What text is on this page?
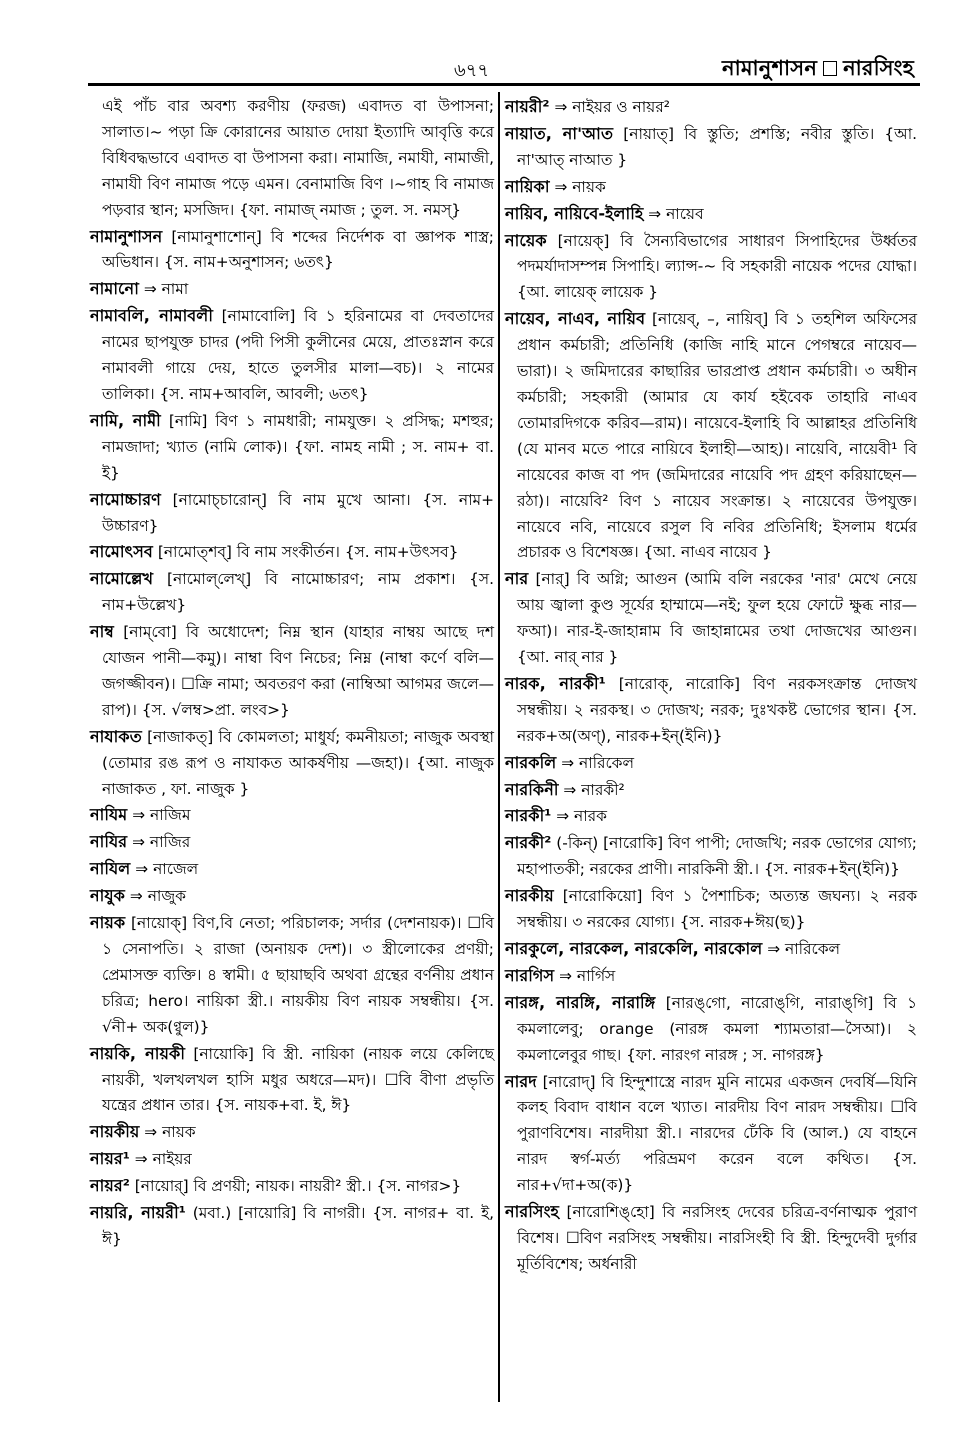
৬৭৭	নামানুশাসন নারসিংহ

এই পাঁচ বার অবশ্য করণীয় (ফরজ) এবাদত বা উপাসনা; সালাত।~ পড়া ক্রি কোরানের আয়াত দোয়া ইত্যাদি আবৃত্তি করে বিধিবদ্ধভাবে এবাদত বা উপাসনা করা। নামাজি, নমাযী, নামাজী, নামাযী বিণ নামাজ পড়ে এমন। বেনামাজি বিণ ।~গাহ বি নামাজ পড়বার স্থান; মসজিদ। {ফা. নামাজ্ নমাজ ; তুল. স. নমস্}

নামানুশাসন [নামানুশাশোন্] বি শব্দের নির্দেশক বা জ্ঞাপক শাস্ত্র; অভিধান। {স. নাম+অনুশাসন; ৬তৎ}

নামানো ⇒ নামা

নামাবলি, নামাবলী [নামাবোলি] বি ১ হরিনামের বা দেবতাদের নামের ছাপযুক্ত চাদর (পদী পিসী কুলীনের মেয়ে, প্রাতঃস্নান করে নামাবলী গায়ে দেয়, হাতে তুলসীর মালা—বচ)। ২ নামের তালিকা। {স. নাম+আবলি, আবলী; ৬তৎ}

নামি, নামী [নামি] বিণ ১ নামধারী; নামযুক্ত। ২ প্রসিদ্ধ; মশহুর; নামজাদা; খ্যাত (নামি লোক)। {ফা. নামহ নামী ; স. নাম+ বা. ই}

নামোচ্চারণ [নামোচ্‌চারোন্] বি নাম মুখে আনা। {স. নাম+ উচ্চারণ}

নামোৎসব [নামোত্‌শব্] বি নাম সংকীর্তন। {স. নাম+উৎসব}

নামোল্লেখ [নামোল্‌লেখ্] বি নামোচ্চারণ; নাম প্রকাশ। {স. নাম+উল্লেখ}

নাম্ব [নাম্‌বো] বি অধোদেশ; নিম্ন স্থান (যাহার নাম্বয় আছে দশ যোজন পানী—কমু)। নাম্বা বিণ নিচের; নিম্ন (নাম্বা কর্ণে বলি—জগজ্জীবন)। ☐ক্রি নামা; অবতরণ করা (নাম্বিআ আগমর জলে—রাপ)। {স. √লম্ব>প্রা. লংব>}

নাযাকত [নাজাকত্] বি কোমলতা; মাধুর্য; কমনীয়তা; নাজুক অবস্থা (তোমার রঙ রূপ ও নাযাকত আকর্ষণীয় —জহা)। {আ. নাজুক নাজাকত , ফা. নাজুক }

নাযিম ⇒ নাজিম

নাযির ⇒ নাজির

নাযিল ⇒ নাজেল

নাযুক ⇒ নাজুক

নায়ক [নায়োক্] বিণ,বি নেতা; পরিচালক; সর্দার (দেশনায়ক)। ☐বি ১ সেনাপতি। ২ রাজা (অনায়ক দেশ)। ৩ স্ত্রীলোকের প্রণয়ী; প্রেমাসক্ত ব্যক্তি। ৪ স্বামী। ৫ ছায়াছবি অথবা গ্রন্থের বর্ণনীয় প্রধান চরিত্র; hero। নায়িকা স্ত্রী.। নায়কীয় বিণ নায়ক সম্বন্ধীয়। {স. √নী+ অক(ণ্বুল)}

নায়কি, নায়কী [নায়োকি] বি স্ত্রী. নায়িকা (নায়ক লয়ে কেলিছে নায়কী, খলখলখল হাসি মধুর অধরে—মদ)। ☐বি বীণা প্রভৃতি যন্ত্রের প্রধান তার। {স. নায়ক+বা. ই, ঈ}

নায়কীয় ⇒ নায়ক

নায়র¹ ⇒ নাইয়র

নায়র² [নায়োর্] বি প্রণয়ী; নায়ক। নায়রী² স্ত্রী.। {স. নাগর>}

নায়রি, নায়রী¹ (মবা.) [নায়োরি] বি নাগরী। {স. নাগর+ বা. ই, ঈ}

নায়রী² ⇒ নাইয়র ও নায়র²

নায়াত, না'আত [নায়াত্] বি স্তুতি; প্রশস্তি; নবীর স্তুতি। {আ. না'আত্ নাআত }

নায়িকা ⇒ নায়ক

নায়িব, নায়িবে-ইলাহি ⇒ নায়েব

নায়েক [নায়েক্] বি সৈন্যবিভাগের সাধারণ সিপাহিদের উর্ধ্বতর পদমর্যাদাসম্পন্ন সিপাহি। ল্যান্স-~ বি সহকারী নায়েক পদের যোদ্ধা। {আ. লায়েক্ লায়েক }

নায়েব, নাএব, নায়িব [নায়েব্, –, নায়িব্] বি ১ তহশিল অফিসের প্রধান কর্মচারী; প্রতিনিধি (কাজি নাহি মানে পেগম্বরে নায়েব—ভারা)। ২ জমিদারের কাছারির ভারপ্রাপ্ত প্রধান কর্মচারী। ৩ অধীন কর্মচারী; সহকারী (আমার যে কার্য হইবেক তাহারি নাএব তোমারদিগকে করিব—রাম)। নায়েবে-ইলাহি বি আল্লাহর প্রতিনিধি (যে মানব মতে পারে নায়িবে ইলাহী—আহ)। নায়েবি, নায়েবী¹ বি নায়েবের কাজ বা পদ (জমিদারের নায়েবি পদ গ্রহণ করিয়াছেন—রঠা)। নায়েবি² বিণ ১ নায়েব সংক্রান্ত। ২ নায়েবের উপযুক্ত। নায়েবে নবি, নায়েবে রসুল বি নবির প্রতিনিধি; ইসলাম ধর্মের প্রচারক ও বিশেষজ্ঞ। {আ. নাএব নায়েব }

নার [নার্] বি অগ্নি; আগুন (আমি বলি নরকের 'নার' মেখে নেয়ে আয় জ্বালা কুণ্ড সূর্যের হাম্মামে—নই; ফুল হয়ে ফোটে ক্ষুব্ধ নার—ফআ)। নার-ই-জাহান্নাম বি জাহান্নামের তথা দোজখের আগুন। {আ. নার্ নার }

নারক, নারকী¹ [নারোক্, নারোকি] বিণ নরকসংক্রান্ত দোজখ সম্বন্ধীয়। ২ নরকস্থ। ৩ দোজখ; নরক; দুঃখকষ্ট ভোগের স্থান। {স. নরক+অ(অণ্), নারক+ইন্(ইনি)}

নারকলি ⇒ নারিকেল

নারকিনী ⇒ নারকী²

নারকী¹ ⇒ নারক

নারকী² (-কিন্) [নারোকি] বিণ পাপী; দোজখি; নরক ভোগের যোগ্য; মহাপাতকী; নরকের প্রাণী। নারকিনী স্ত্রী.। {স. নারক+ইন্(ইনি)}

নারকীয় [নারোকিয়ো] বিণ ১ পৈশাচিক; অত্যন্ত জঘন্য। ২ নরক সম্বন্ধীয়। ৩ নরকের যোগ্য। {স. নারক+ঈয়(ছ)}

নারকুলে, নারকেল, নারকেলি, নারকোল ⇒ নারিকেল

নারগিস ⇒ নার্গিস

নারঙ্গ, নারঙ্গি, নারাঙ্গি [নারঙ্‌গো, নারোঙ্‌গি, নারাঙ্‌গি] বি ১ কমলালেবু; orange (নারঙ্গ কমলা শ্যামতারা—সৈআ)। ২ কমলালেবুর গাছ। {ফা. নারংগ নারঙ্গ ; স. নাগরঙ্গ}

নারদ [নারোদ্] বি হিন্দুশাস্ত্রে নারদ মুনি নামের একজন দেবর্ষি—যিনি কলহ বিবাদ বাধান বলে খ্যাত। নারদীয় বিণ নারদ সম্বন্ধীয়। ☐বি পুরাণবিশেষ। নারদীয়া স্ত্রী.। নারদের ঢেঁকি বি (আল.) যে বাহনে নারদ স্বর্গ-মর্ত্য পরিভ্রমণ করেন বলে কথিত। {স. নার+√দা+অ(ক)}

নারসিংহ [নারোশিঙ্‌হো] বি নরসিংহ দেবের চরিত্র-বর্ণনাত্মক পুরাণ বিশেষ। ☐বিণ নরসিংহ সম্বন্ধীয়। নারসিংহী বি স্ত্রী. হিন্দুদেবী দুর্গার মূর্তিবিশেষ; অর্ধনারী
